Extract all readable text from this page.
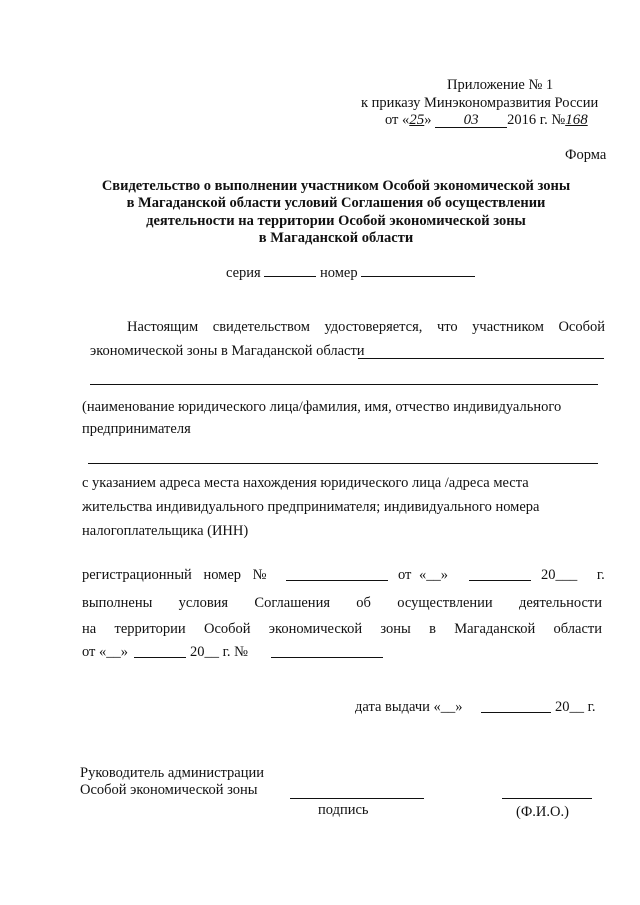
Приложение № 1
к приказу Минэкономразвития России
от «25» 03 2016 г. №168
Форма
Свидетельство о выполнении участником Особой экономической зоны
в Магаданской области условий Соглашения об осуществлении
деятельности на территории Особой экономической зоны
в Магаданской области
серия	номер
Настоящим свидетельством удостоверяется, что участником Особой
экономической зоны в Магаданской области
(наименование юридического лица/фамилия, имя, отчество индивидуального
предпринимателя
с указанием адреса места нахождения юридического лица /адреса места
жительства индивидуального предпринимателя; индивидуального номера
налогоплательщика (ИНН)
регистрационный номер №	от «__»	20___ г.
выполнены условия Соглашения об осуществлении деятельности
на территории Особой экономической зоны в Магаданской области
от «__»	20__ г. №
дата выдачи «__»	20__ г.
Руководитель администрации
Особой экономической зоны
подпись	(Ф.И.О.)
